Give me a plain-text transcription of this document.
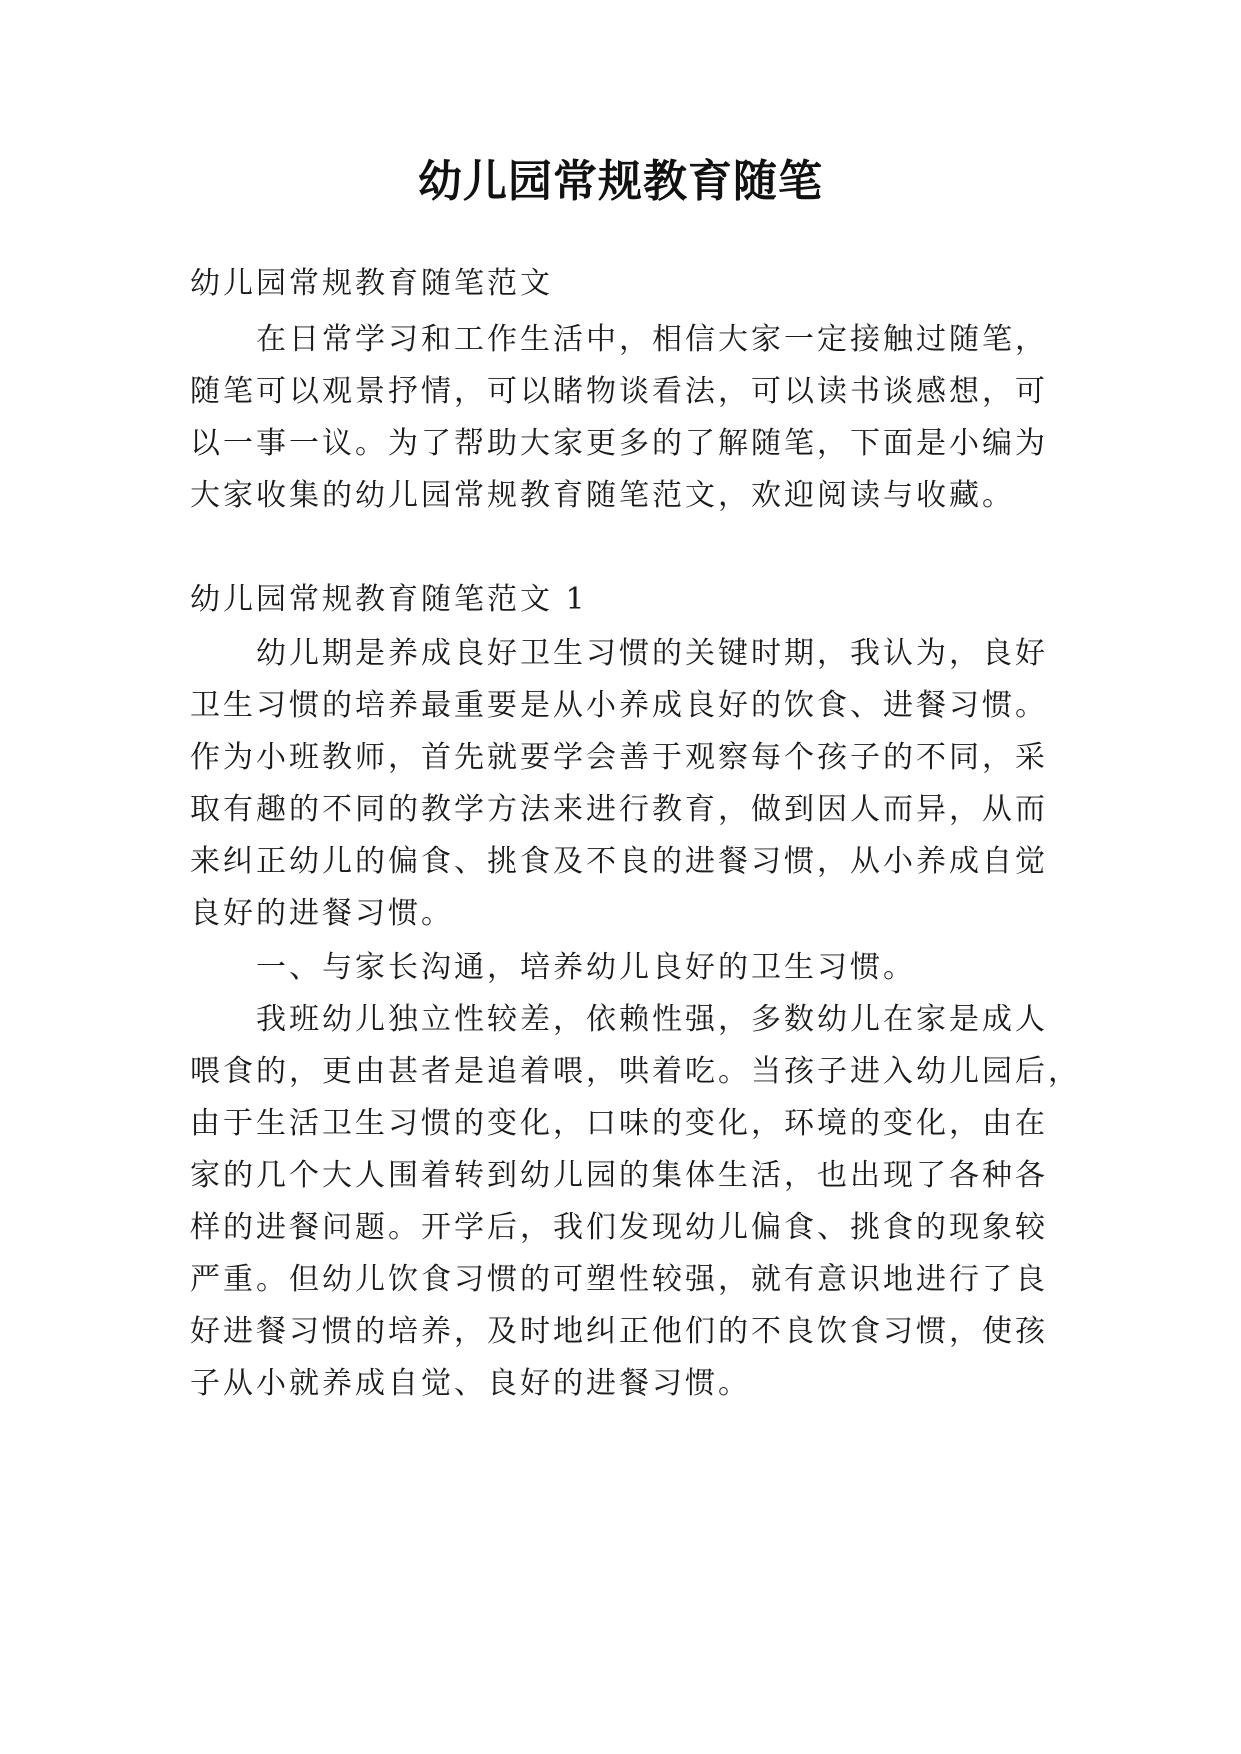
幼儿园常规教育随笔
幼儿园常规教育随笔范文
在日常学习和工作生活中，相信大家一定接触过随笔，
随笔可以观景抒情，可以睹物谈看法，可以读书谈感想，可
以一事一议。为了帮助大家更多的了解随笔，下面是小编为
大家收集的幼儿园常规教育随笔范文，欢迎阅读与收藏。
幼儿园常规教育随笔范文 1
幼儿期是养成良好卫生习惯的关键时期，我认为，良好
卫生习惯的培养最重要是从小养成良好的饮食、进餐习惯。
作为小班教师，首先就要学会善于观察每个孩子的不同，采
取有趣的不同的教学方法来进行教育，做到因人而异，从而
来纠正幼儿的偏食、挑食及不良的进餐习惯，从小养成自觉
良好的进餐习惯。
一、与家长沟通，培养幼儿良好的卫生习惯。
我班幼儿独立性较差，依赖性强，多数幼儿在家是成人
喂食的，更由甚者是追着喂，哄着吃。当孩子进入幼儿园后，
由于生活卫生习惯的变化，口味的变化，环境的变化，由在
家的几个大人围着转到幼儿园的集体生活，也出现了各种各
样的进餐问题。开学后，我们发现幼儿偏食、挑食的现象较
严重。但幼儿饮食习惯的可塑性较强，就有意识地进行了良
好进餐习惯的培养，及时地纠正他们的不良饮食习惯，使孩
子从小就养成自觉、良好的进餐习惯。
